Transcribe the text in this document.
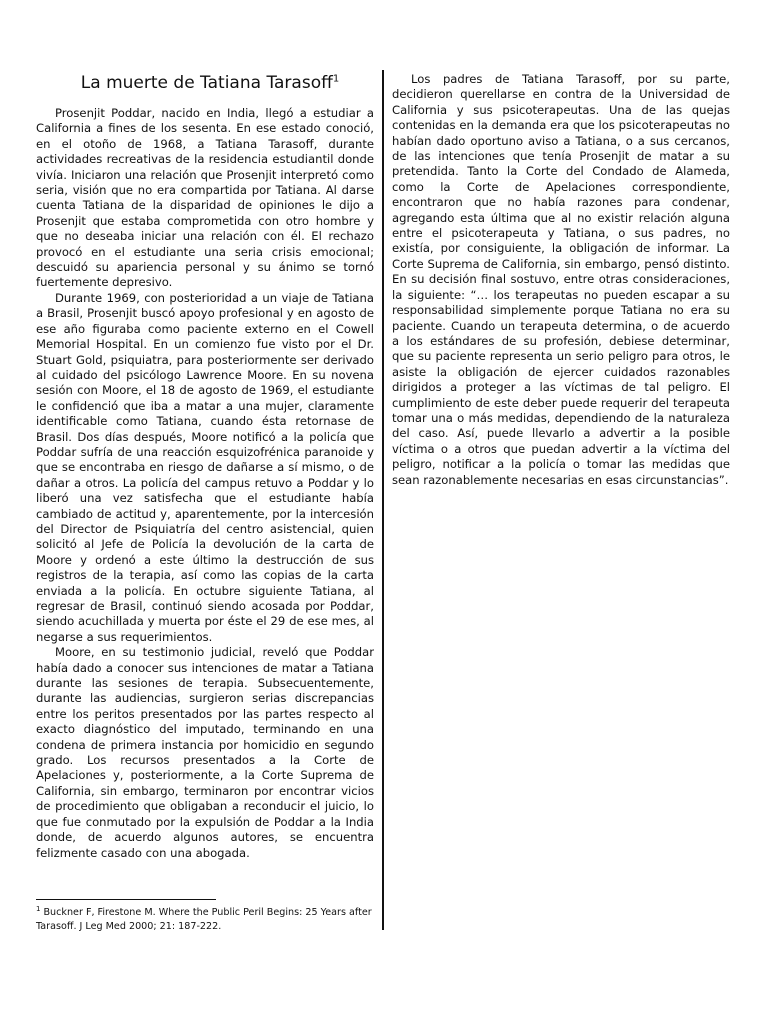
La muerte de Tatiana Tarasoff$^1$

Prosenjit Poddar, nacido en India, llegó a estudiar a California a fines de los sesenta. En ese estado conoció, en el otoño de 1968, a Tatiana Tarasoff, durante actividades recreativas de la residencia estudiantil donde vivía. Iniciaron una relación que Prosenjit interpretó como seria, visión que no era compartida por Tatiana. Al darse cuenta Tatiana de la disparidad de opiniones le dijo a Prosenjit que estaba comprometida con otro hombre y que no deseaba iniciar una relación con él. El rechazo provocó en el estudiante una seria crisis emocional; descuidó su apariencia personal y su ánimo se tornó fuertemente depresivo.

Durante 1969, con posterioridad a un viaje de Tatiana a Brasil, Prosenjit buscó apoyo profesional y en agosto de ese año figuraba como paciente externo en el Cowell Memorial Hospital. En un comienzo fue visto por el Dr. Stuart Gold, psiquiatra, para posteriormente ser derivado al cuidado del psicólogo Lawrence Moore. En su novena sesión con Moore, el 18 de agosto de 1969, el estudiante le confidenció que iba a matar a una mujer, claramente identificable como Tatiana, cuando ésta retornase de Brasil. Dos días después, Moore notificó a la policía que Poddar sufría de una reacción esquizofrénica paranoide y que se encontraba en riesgo de dañarse a sí mismo, o de dañar a otros. La policía del campus retuvo a Poddar y lo liberó una vez satisfecha que el estudiante había cambiado de actitud y, aparentemente, por la intercesión del Director de Psiquiatría del centro asistencial, quien solicitó al Jefe de Policía la devolución de la carta de Moore y ordenó a este último la destrucción de sus registros de la terapia, así como las copias de la carta enviada a la policía. En octubre siguiente Tatiana, al regresar de Brasil, continuó siendo acosada por Poddar, siendo acuchillada y muerta por éste el 29 de ese mes, al negarse a sus requerimientos.

Moore, en su testimonio judicial, reveló que Poddar había dado a conocer sus intenciones de matar a Tatiana durante las sesiones de terapia. Subsecuentemente, durante las audiencias, surgieron serias discrepancias entre los peritos presentados por las partes respecto al exacto diagnóstico del imputado, terminando en una condena de primera instancia por homicidio en segundo grado. Los recursos presentados a la Corte de Apelaciones y, posteriormente, a la Corte Suprema de California, sin embargo, terminaron por encontrar vicios de procedimiento que obligaban a reconducir el juicio, lo que fue conmutado por la expulsión de Poddar a la India donde, de acuerdo algunos autores, se encuentra felizmente casado con una abogada.

Los padres de Tatiana Tarasoff, por su parte, decidieron querellarse en contra de la Universidad de California y sus psicoterapeutas. Una de las quejas contenidas en la demanda era que los psicoterapeutas no habían dado oportuno aviso a Tatiana, o a sus cercanos, de las intenciones que tenía Prosenjit de matar a su pretendida. Tanto la Corte del Condado de Alameda, como la Corte de Apelaciones correspondiente, encontraron que no había razones para condenar, agregando esta última que al no existir relación alguna entre el psicoterapeuta y Tatiana, o sus padres, no existía, por consiguiente, la obligación de informar. La Corte Suprema de California, sin embargo, pensó distinto. En su decisión final sostuvo, entre otras consideraciones, la siguiente: “… los terapeutas no pueden escapar a su responsabilidad simplemente porque Tatiana no era su paciente. Cuando un terapeuta determina, o de acuerdo a los estándares de su profesión, debiese determinar, que su paciente representa un serio peligro para otros, le asiste la obligación de ejercer cuidados razonables dirigidos a proteger a las víctimas de tal peligro. El cumplimiento de este deber puede requerir del terapeuta tomar una o más medidas, dependiendo de la naturaleza del caso. Así, puede llevarlo a advertir a la posible víctima o a otros que puedan advertir a la víctima del peligro, notificar a la policía o tomar las medidas que sean razonablemente necesarias en esas circunstancias”.

$^1$ Buckner F, Firestone M. Where the Public Peril Begins: 25 Years after Tarasoff. J Leg Med 2000; 21: 187-222.
